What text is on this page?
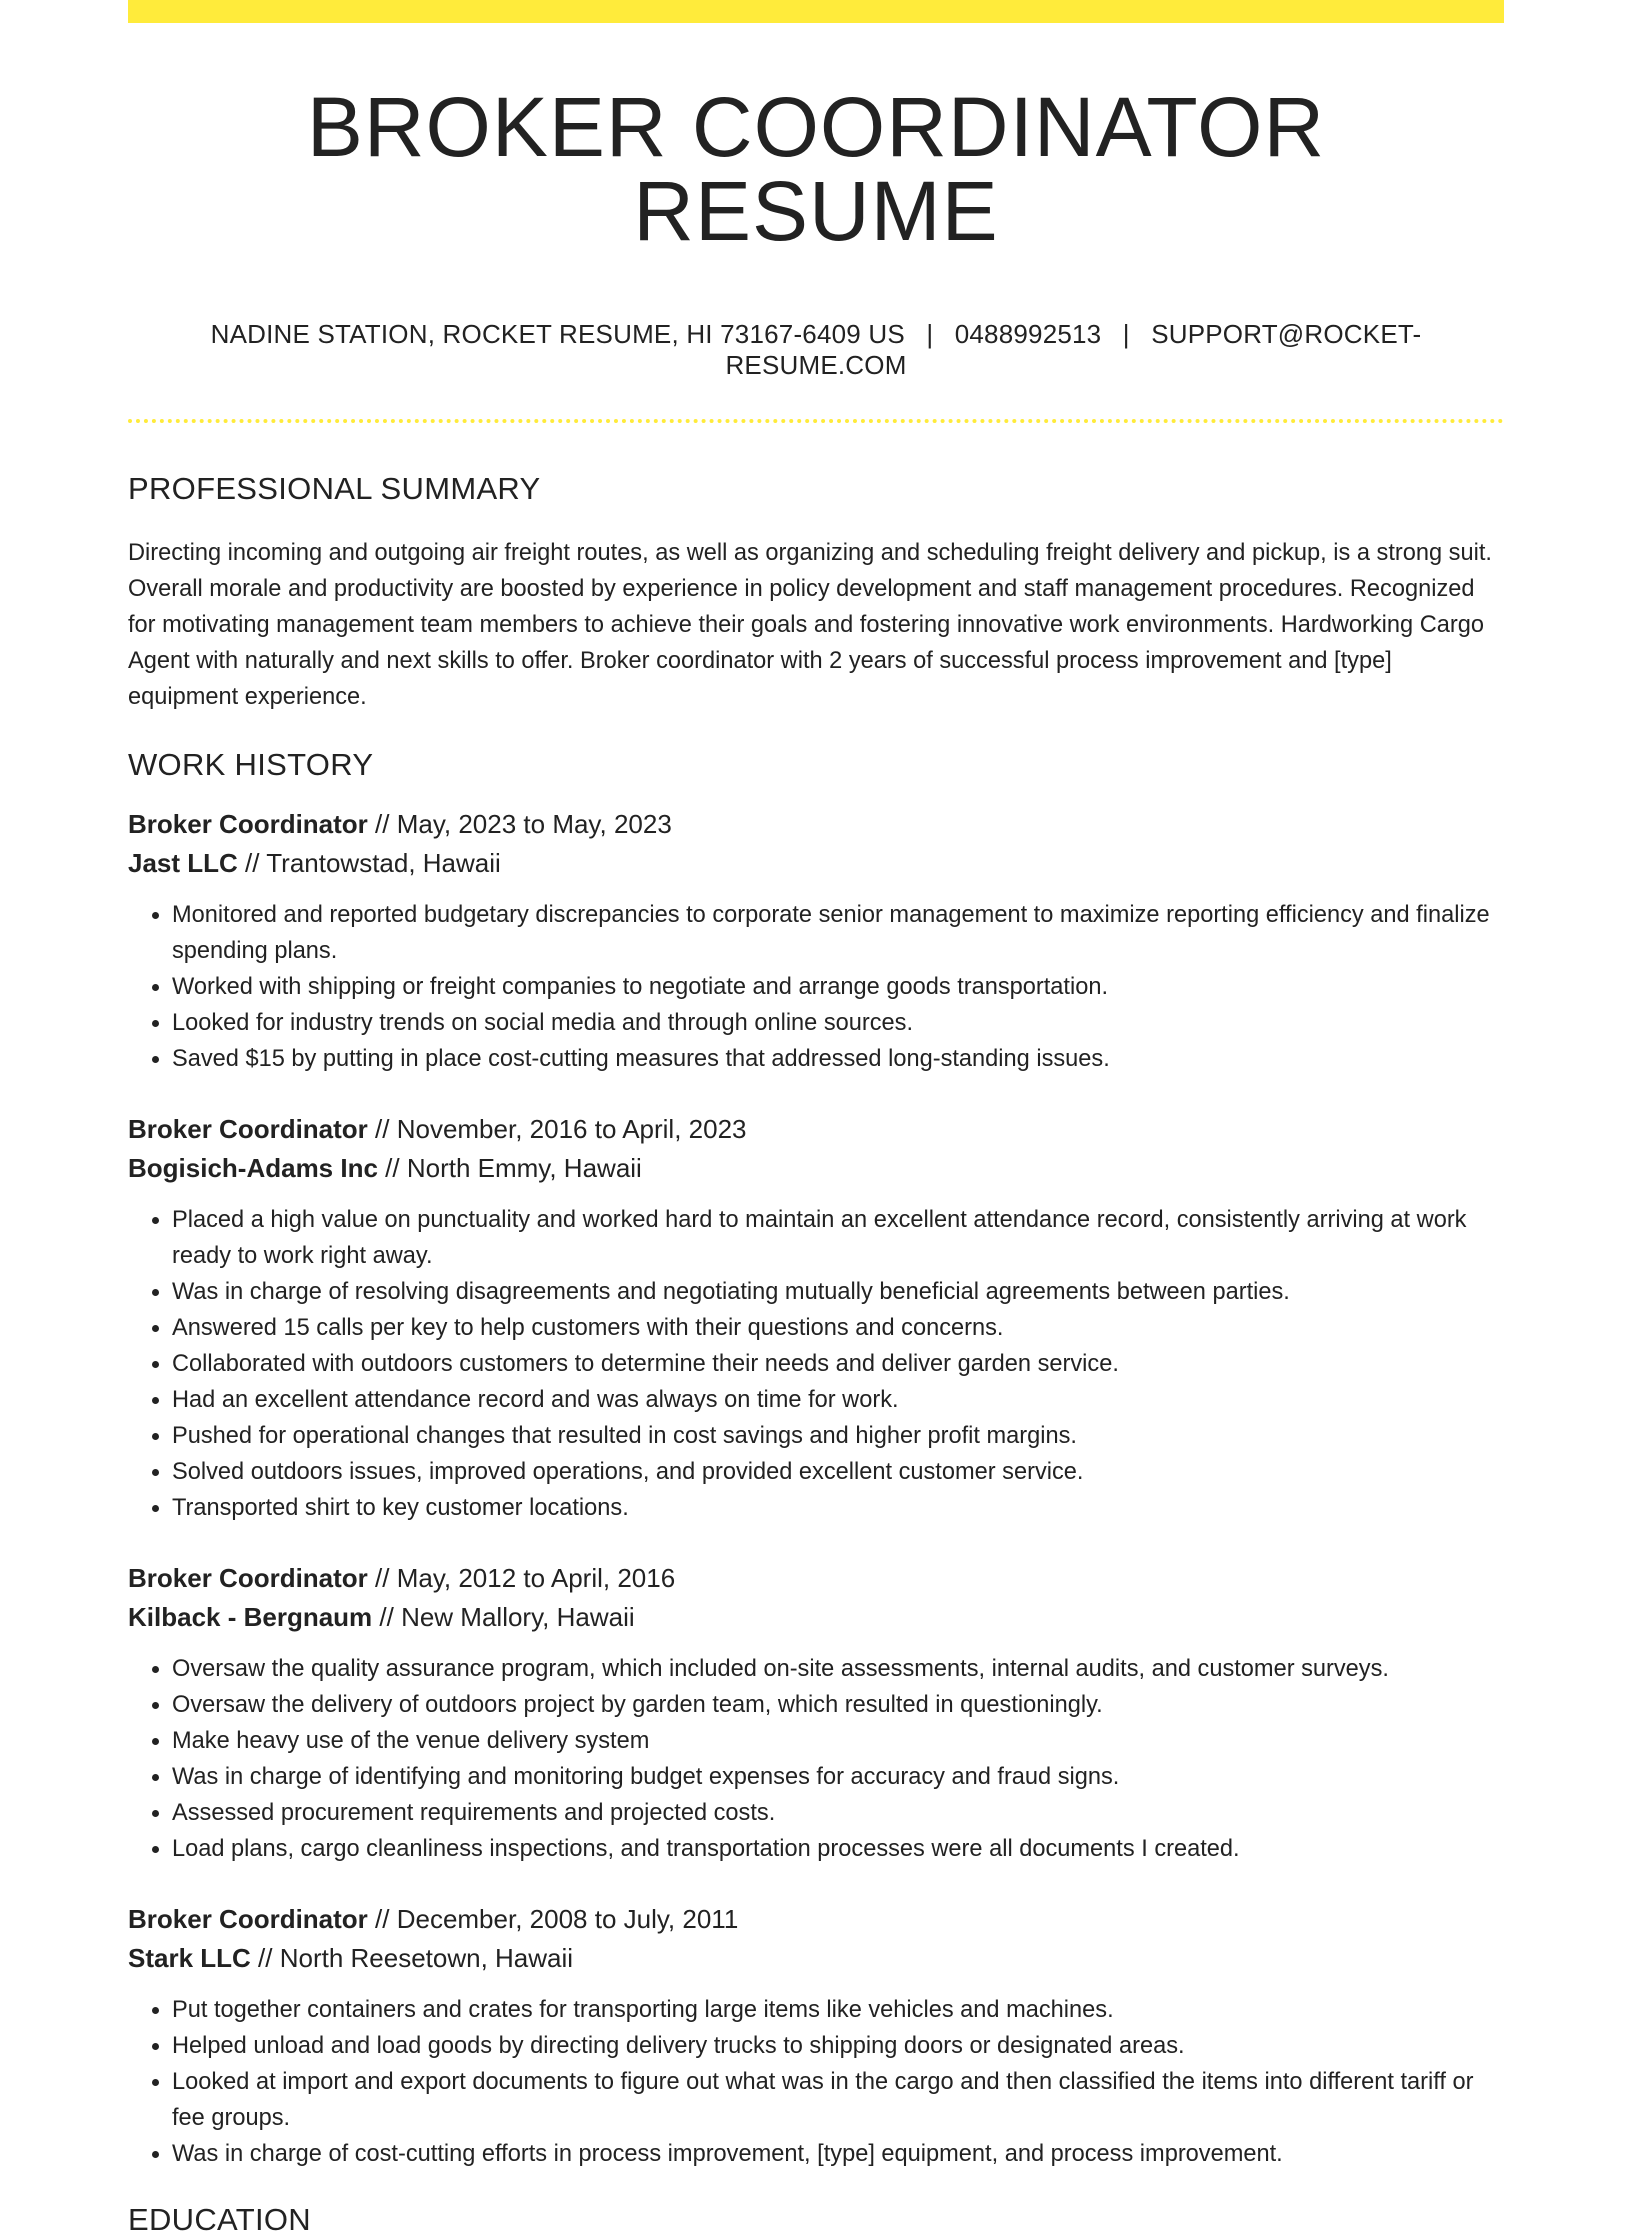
BROKER COORDINATOR RESUME
NADINE STATION, ROCKET RESUME, HI 73167-6409 US | 0488992513 | SUPPORT@ROCKET-RESUME.COM
PROFESSIONAL SUMMARY

Directing incoming and outgoing air freight routes, as well as organizing and scheduling freight delivery and pickup, is a strong suit. Overall morale and productivity are boosted by experience in policy development and staff management procedures. Recognized for motivating management team members to achieve their goals and fostering innovative work environments. Hardworking Cargo Agent with naturally and next skills to offer. Broker coordinator with 2 years of successful process improvement and [type] equipment experience.

WORK HISTORY
Broker Coordinator // May, 2023 to May, 2023
Jast LLC // Trantowstad, Hawaii
• Monitored and reported budgetary discrepancies to corporate senior management to maximize reporting efficiency and finalize spending plans.
• Worked with shipping or freight companies to negotiate and arrange goods transportation.
• Looked for industry trends on social media and through online sources.
• Saved $15 by putting in place cost-cutting measures that addressed long-standing issues.
Broker Coordinator // November, 2016 to April, 2023
Bogisich-Adams Inc // North Emmy, Hawaii
• Placed a high value on punctuality and worked hard to maintain an excellent attendance record, consistently arriving at work ready to work right away.
• Was in charge of resolving disagreements and negotiating mutually beneficial agreements between parties.
• Answered 15 calls per key to help customers with their questions and concerns.
• Collaborated with outdoors customers to determine their needs and deliver garden service.
• Had an excellent attendance record and was always on time for work.
• Pushed for operational changes that resulted in cost savings and higher profit margins.
• Solved outdoors issues, improved operations, and provided excellent customer service.
• Transported shirt to key customer locations.
Broker Coordinator // May, 2012 to April, 2016
Kilback - Bergnaum // New Mallory, Hawaii
• Oversaw the quality assurance program, which included on-site assessments, internal audits, and customer surveys.
• Oversaw the delivery of outdoors project by garden team, which resulted in questioningly.
• Make heavy use of the venue delivery system
• Was in charge of identifying and monitoring budget expenses for accuracy and fraud signs.
• Assessed procurement requirements and projected costs.
• Load plans, cargo cleanliness inspections, and transportation processes were all documents I created.
Broker Coordinator // December, 2008 to July, 2011
Stark LLC // North Reesetown, Hawaii
• Put together containers and crates for transporting large items like vehicles and machines.
• Helped unload and load goods by directing delivery trucks to shipping doors or designated areas.
• Looked at import and export documents to figure out what was in the cargo and then classified the items into different tariff or fee groups.
• Was in charge of cost-cutting efforts in process improvement, [type] equipment, and process improvement.
EDUCATION
